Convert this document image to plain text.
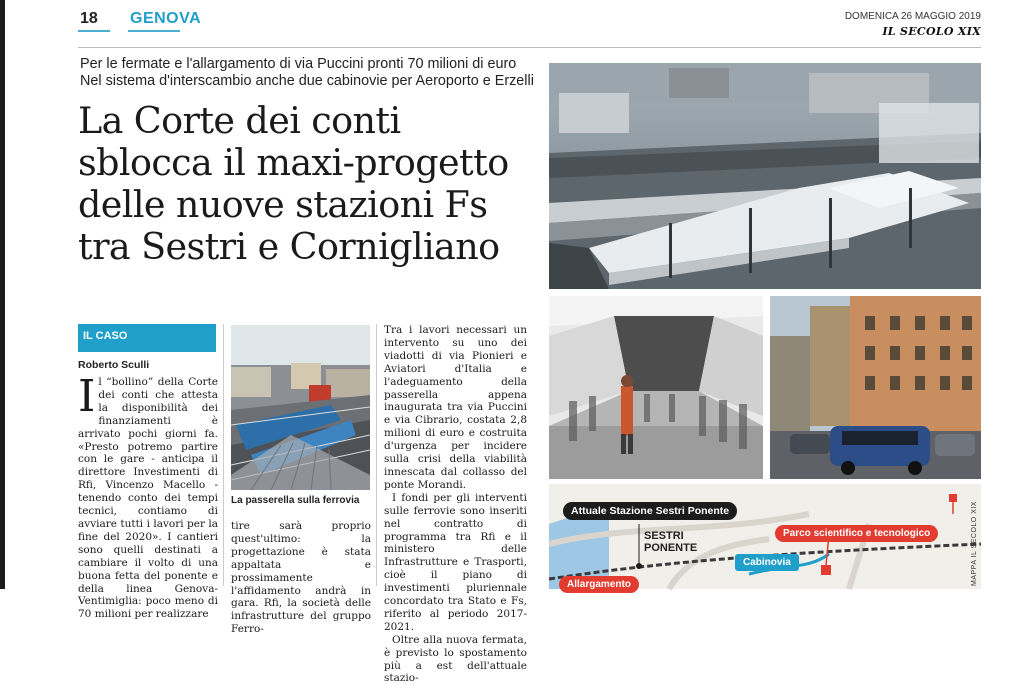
18 GENOVA	DOMENICA 26 MAGGIO 2019
IL SECOLO XIX
Per le fermate e l'allargamento di via Puccini pronti 70 milioni di euro
Nel sistema d'interscambio anche due cabinovie per Aeroporto e Erzelli
La Corte dei conti
sblocca il maxi-progetto
delle nuove stazioni Fs
tra Sestri e Cornigliano
IL CASO
Roberto Sculli
Il “bollino” della Corte dei conti che attesta la disponibilità dei finanziamenti è arrivato pochi giorni fa. «Presto potremo partire con le gare - anticipa il direttore Investimenti di Rfi, Vincenzo Macello - tenendo conto dei tempi tecnici, contiamo di avviare tutti i lavori per la fine del 2020». I cantieri sono quelli destinati a cambiare il volto di una buona fetta del ponente e della linea Genova-Ventimiglia: poco meno di 70 milioni per realizzare
La passerella sulla ferrovia
tire sarà proprio quest'ultimo: la progettazione è stata appaltata e prossimamente l'affidamento andrà in gara. Rfi, la società delle infrastrutture del gruppo Ferro-

Tra i lavori necessari un intervento su uno dei viadotti di via Pionieri e Aviatori d'Italia e l'adeguamento della passerella appena inaugurata tra via Puccini e via Cibrario, costata 2,8 milioni di euro e costruita d'urgenza per incidere sulla crisi della viabilità innescata dal collasso del ponte Morandi.

I fondi per gli interventi sulle ferrovie sono inseriti nel contratto di programma tra Rfi e il ministero delle Infrastrutture e Trasporti, cioè il piano di investimenti pluriennale concordato tra Stato e Fs, riferito al periodo 2017-2021.

Oltre alla nuova fermata, è previsto lo spostamento più a est dell'attuale stazio-

Attuale Stazione Sestri Ponente
SESTRI
PONENTE
Parco scientifico e tecnologico
Cabinovia
Allargamento	MAPPA IL SECOLO XIX
